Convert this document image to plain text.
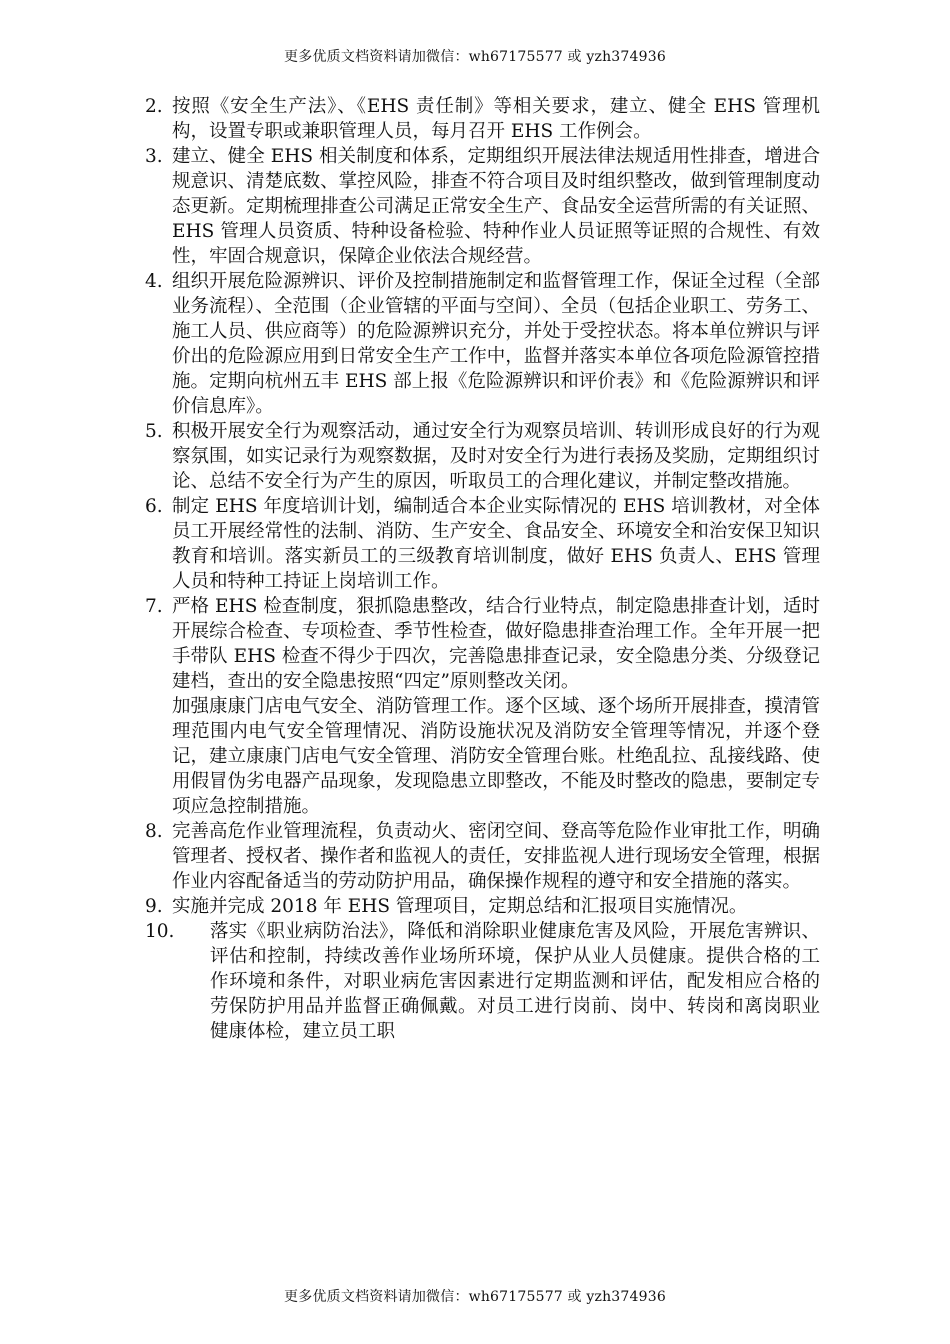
更多优质文档资料请加微信：wh67175577 或 yzh374936
2. 按照《安全生产法》、《EHS 责任制》等相关要求，建立、健全 EHS 管理机构，设置专职或兼职管理人员，每月召开 EHS 工作例会。
3. 建立、健全 EHS 相关制度和体系，定期组织开展法律法规适用性排查，增进合规意识、清楚底数、掌控风险，排查不符合项目及时组织整改，做到管理制度动态更新。定期梳理排查公司满足正常安全生产、食品安全运营所需的有关证照、EHS 管理人员资质、特种设备检验、特种作业人员证照等证照的合规性、有效性，牢固合规意识，保障企业依法合规经营。
4. 组织开展危险源辨识、评价及控制措施制定和监督管理工作，保证全过程（全部业务流程）、全范围（企业管辖的平面与空间）、全员（包括企业职工、劳务工、施工人员、供应商等）的危险源辨识充分，并处于受控状态。将本单位辨识与评价出的危险源应用到日常安全生产工作中，监督并落实本单位各项危险源管控措施。定期向杭州五丰 EHS 部上报《危险源辨识和评价表》和《危险源辨识和评价信息库》。
5. 积极开展安全行为观察活动，通过安全行为观察员培训、转训形成良好的行为观察氛围，如实记录行为观察数据，及时对安全行为进行表扬及奖励，定期组织讨论、总结不安全行为产生的原因，听取员工的合理化建议，并制定整改措施。
6. 制定 EHS 年度培训计划，编制适合本企业实际情况的 EHS 培训教材，对全体员工开展经常性的法制、消防、生产安全、食品安全、环境安全和治安保卫知识教育和培训。落实新员工的三级教育培训制度，做好 EHS 负责人、EHS 管理人员和特种工持证上岗培训工作。
7. 严格 EHS 检查制度，狠抓隐患整改，结合行业特点，制定隐患排查计划，适时开展综合检查、专项检查、季节性检查，做好隐患排查治理工作。全年开展一把手带队 EHS 检查不得少于四次，完善隐患排查记录，安全隐患分类、分级登记建档，查出的安全隐患按照“四定”原则整改关闭。
加强康康门店电气安全、消防管理工作。逐个区域、逐个场所开展排查，摸清管理范围内电气安全管理情况、消防设施状况及消防安全管理等情况，并逐个登记，建立康康门店电气安全管理、消防安全管理台账。杜绝乱拉、乱接线路、使用假冒伪劣电器产品现象，发现隐患立即整改，不能及时整改的隐患，要制定专项应急控制措施。
8. 完善高危作业管理流程，负责动火、密闭空间、登高等危险作业审批工作，明确管理者、授权者、操作者和监视人的责任，安排监视人进行现场安全管理，根据作业内容配备适当的劳动防护用品，确保操作规程的遵守和安全措施的落实。
9. 实施并完成 2018 年 EHS 管理项目，定期总结和汇报项目实施情况。
10.	落实《职业病防治法》，降低和消除职业健康危害及风险，开展危害辨识、评估和控制，持续改善作业场所环境，保护从业人员健康。提供合格的工作环境和条件，对职业病危害因素进行定期监测和评估，配发相应合格的劳保防护用品并监督正确佩戴。对员工进行岗前、岗中、转岗和离岗职业健康体检，建立员工职
更多优质文档资料请加微信：wh67175577 或 yzh374936
